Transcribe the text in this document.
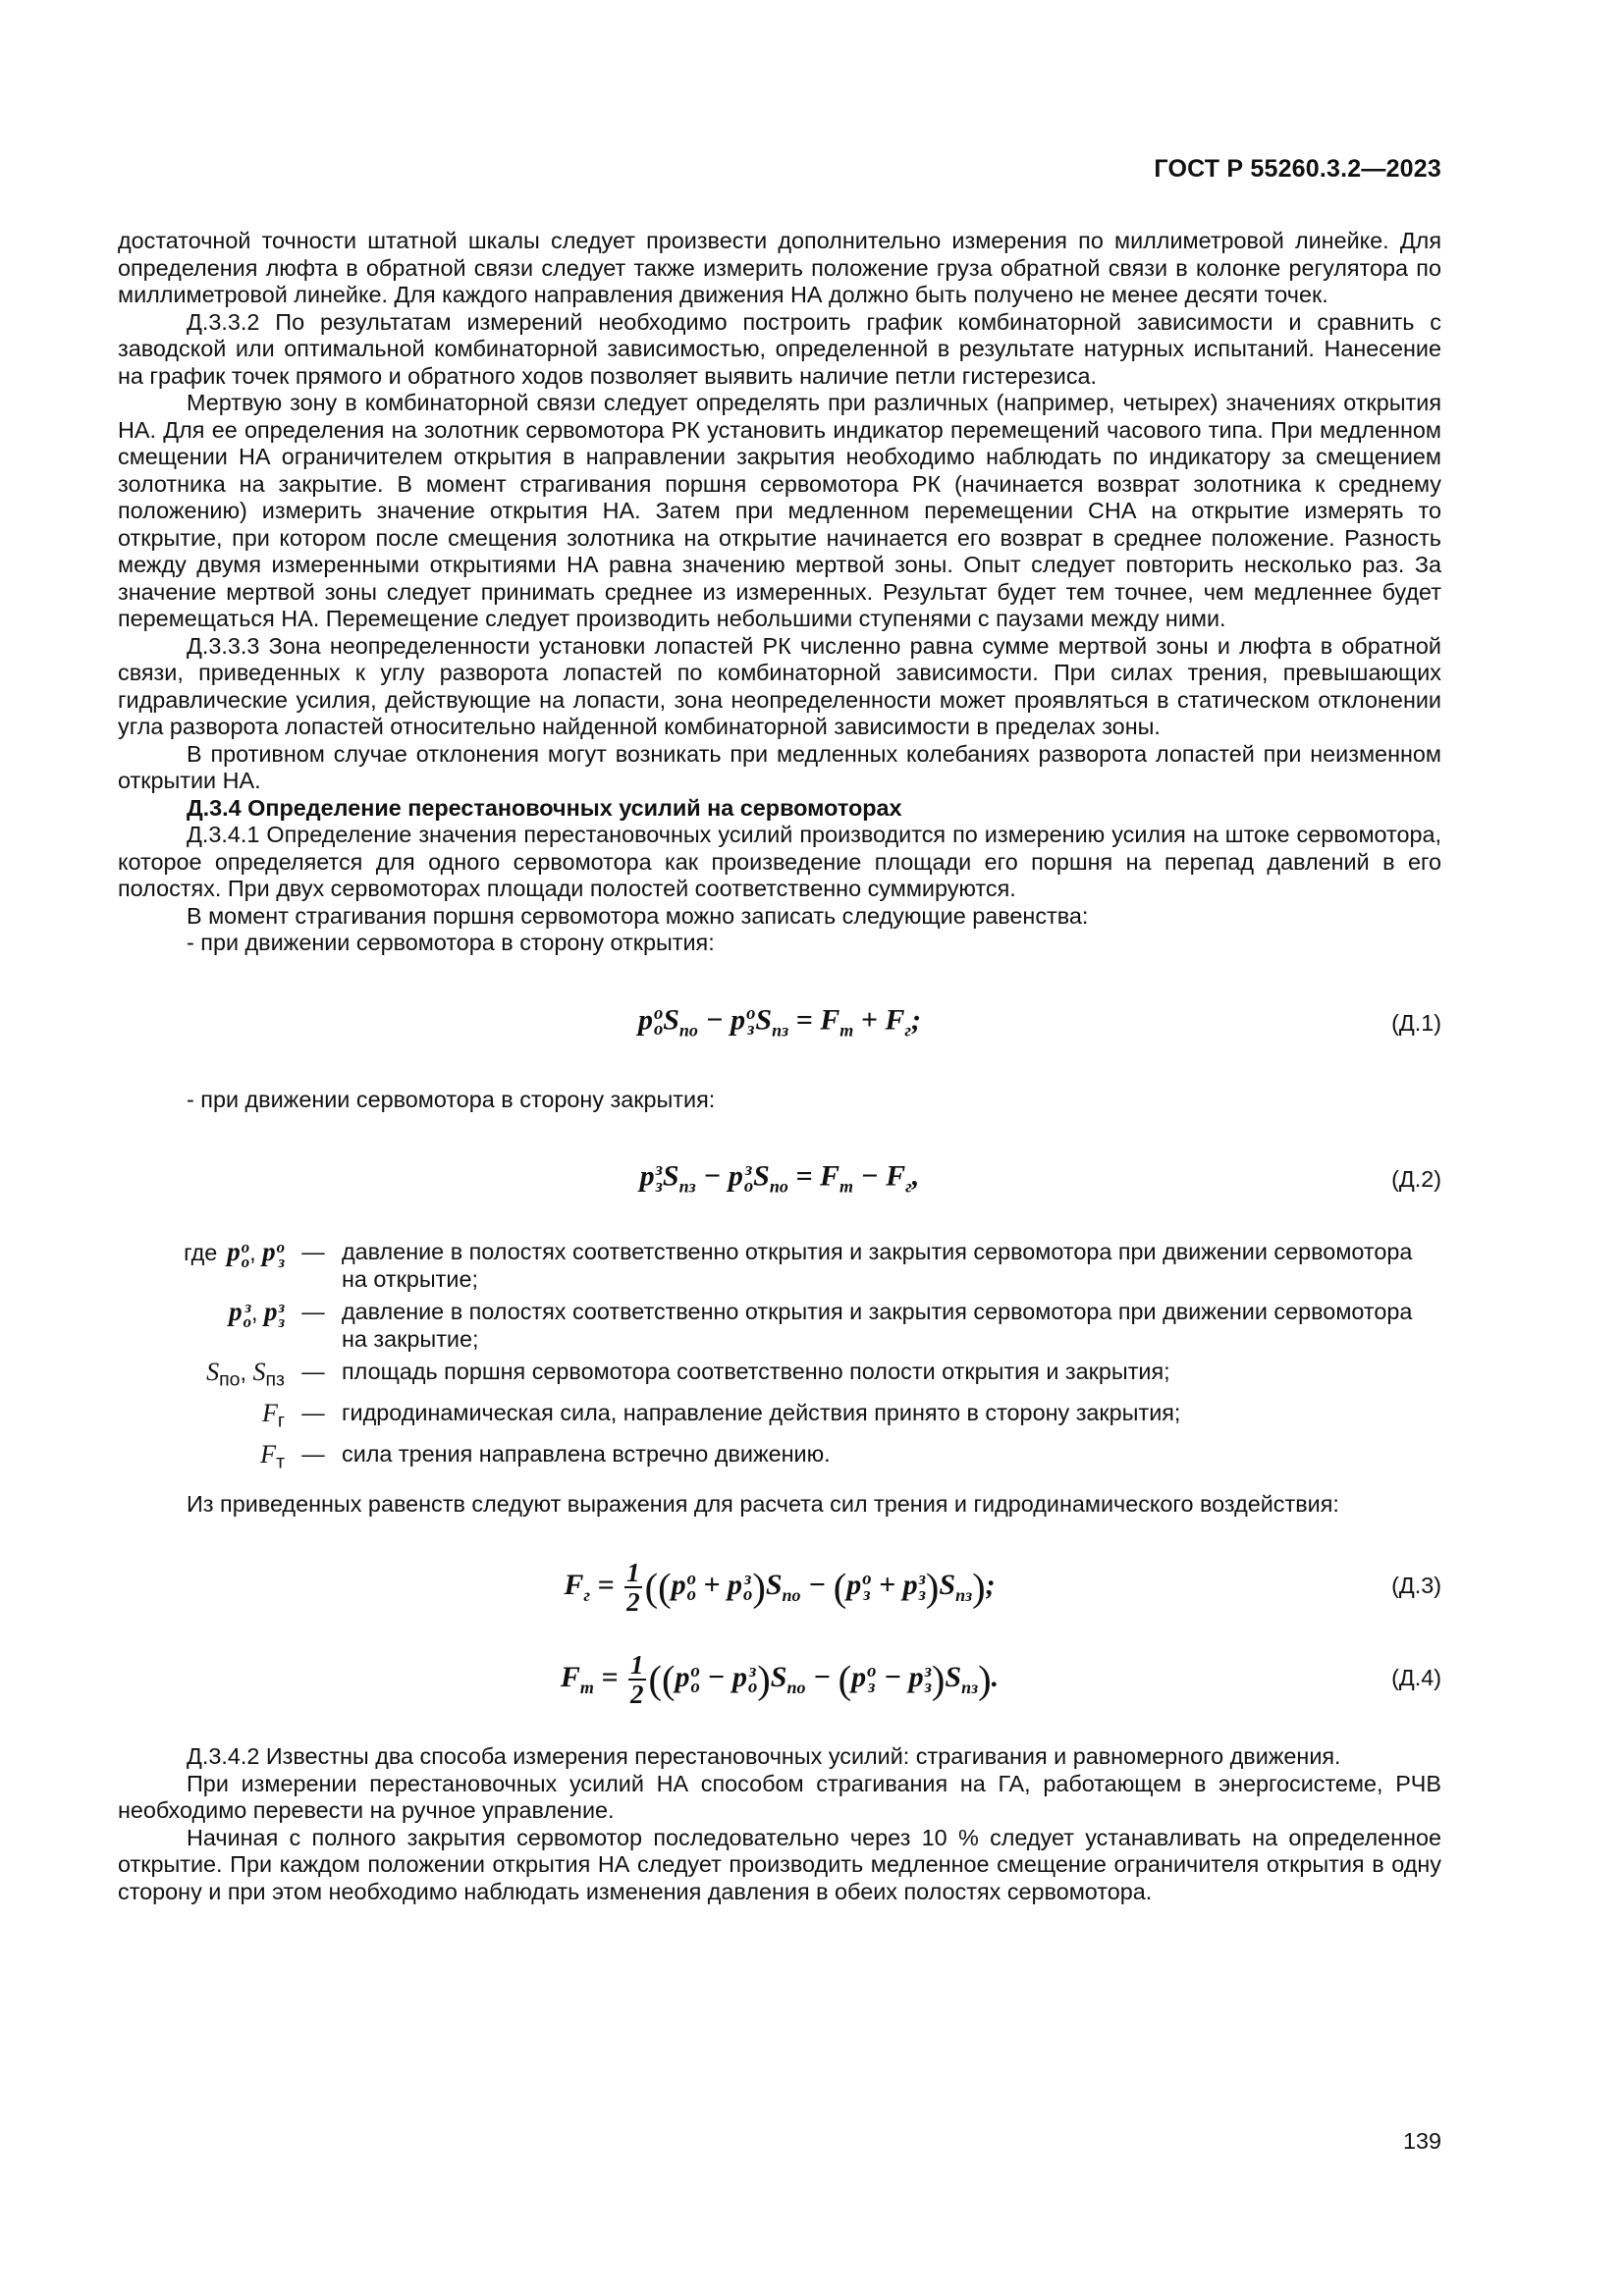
ГОСТ Р 55260.3.2—2023

достаточной точности штатной шкалы следует произвести дополнительно измерения по миллиметровой линейке. Для определения люфта в обратной связи следует также измерить положение груза обратной связи в колонке регулятора по миллиметровой линейке. Для каждого направления движения НА должно быть получено не менее десяти точек.

Д.3.3.2 По результатам измерений необходимо построить график комбинаторной зависимости и сравнить с заводской или оптимальной комбинаторной зависимостью, определенной в результате натурных испытаний. Нанесение на график точек прямого и обратного ходов позволяет выявить наличие петли гистерезиса.

Мертвую зону в комбинаторной связи следует определять при различных (например, четырех) значениях открытия НА. Для ее определения на золотник сервомотора РК установить индикатор перемещений часового типа. При медленном смещении НА ограничителем открытия в направлении закрытия необходимо наблюдать по индикатору за смещением золотника на закрытие. В момент страгивания поршня сервомотора РК (начинается возврат золотника к среднему положению) измерить значение открытия НА. Затем при медленном перемещении СНА на открытие измерять то открытие, при котором после смещения золотника на открытие начинается его возврат в среднее положение. Разность между двумя измеренными открытиями НА равна значению мертвой зоны. Опыт следует повторить несколько раз. За значение мертвой зоны следует принимать среднее из измеренных. Результат будет тем точнее, чем медленнее будет перемещаться НА. Перемещение следует производить небольшими ступенями с паузами между ними.

Д.3.3.3 Зона неопределенности установки лопастей РК численно равна сумме мертвой зоны и люфта в обратной связи, приведенных к углу разворота лопастей по комбинаторной зависимости. При силах трения, превышающих гидравлические усилия, действующие на лопасти, зона неопределенности может проявляться в статическом отклонении угла разворота лопастей относительно найденной комбинаторной зависимости в пределах зоны.

В противном случае отклонения могут возникать при медленных колебаниях разворота лопастей при неизменном открытии НА.

Д.3.4 Определение перестановочных усилий на сервомоторах

Д.3.4.1 Определение значения перестановочных усилий производится по измерению усилия на штоке сервомотора, которое определяется для одного сервомотора как произведение площади его поршня на перепад давлений в его полостях. При двух сервомоторах площади полостей соответственно суммируются.

В момент страгивания поршня сервомотора можно записать следующие равенства:

- при движении сервомотора в сторону открытия:

p о
о $S_{по} - p$ о
з $S_{пз} = F_т + F_г$;	(Д.1)

- при движении сервомотора в сторону закрытия:

p з
з $S_{пз} - p$ з
о $S_{по} = F_т - F_г$,	(Д.2)
где p о
о , p о
з — давление в полостях соответственно открытия и закрытия сервомотора при движении сервомотора на открытие;
p з
о , p з
з — давление в полостях соответственно открытия и закрытия сервомотора при движении сервомотора на закрытие;
$S_{по}$, $S_{пз}$ — площадь поршня сервомотора соответственно полости открытия и закрытия;
$F_г$ — гидродинамическая сила, направление действия принято в сторону закрытия;
$F_т$ — сила трения направлена встречно движению.

Из приведенных равенств следуют выражения для расчета сил трения и гидродинамического воздействия:

$F_г = \frac{1}{2} ((p$ о
о + p з
о )$S_{по} - (p$ о
з + p з
з )$S_{пз}$);	(Д.3)
$F_т = \frac{1}{2} ((p$ о
о − p з
о )$S_{по} - (p$ о
з − p з
з )$S_{пз}$).	(Д.4)

Д.3.4.2 Известны два способа измерения перестановочных усилий: страгивания и равномерного движения.

При измерении перестановочных усилий НА способом страгивания на ГА, работающем в энергосистеме, РЧВ необходимо перевести на ручное управление.

Начиная с полного закрытия сервомотор последовательно через 10 % следует устанавливать на определенное открытие. При каждом положении открытия НА следует производить медленное смещение ограничителя открытия в одну сторону и при этом необходимо наблюдать изменения давления в обеих полостях сервомотора.

139
